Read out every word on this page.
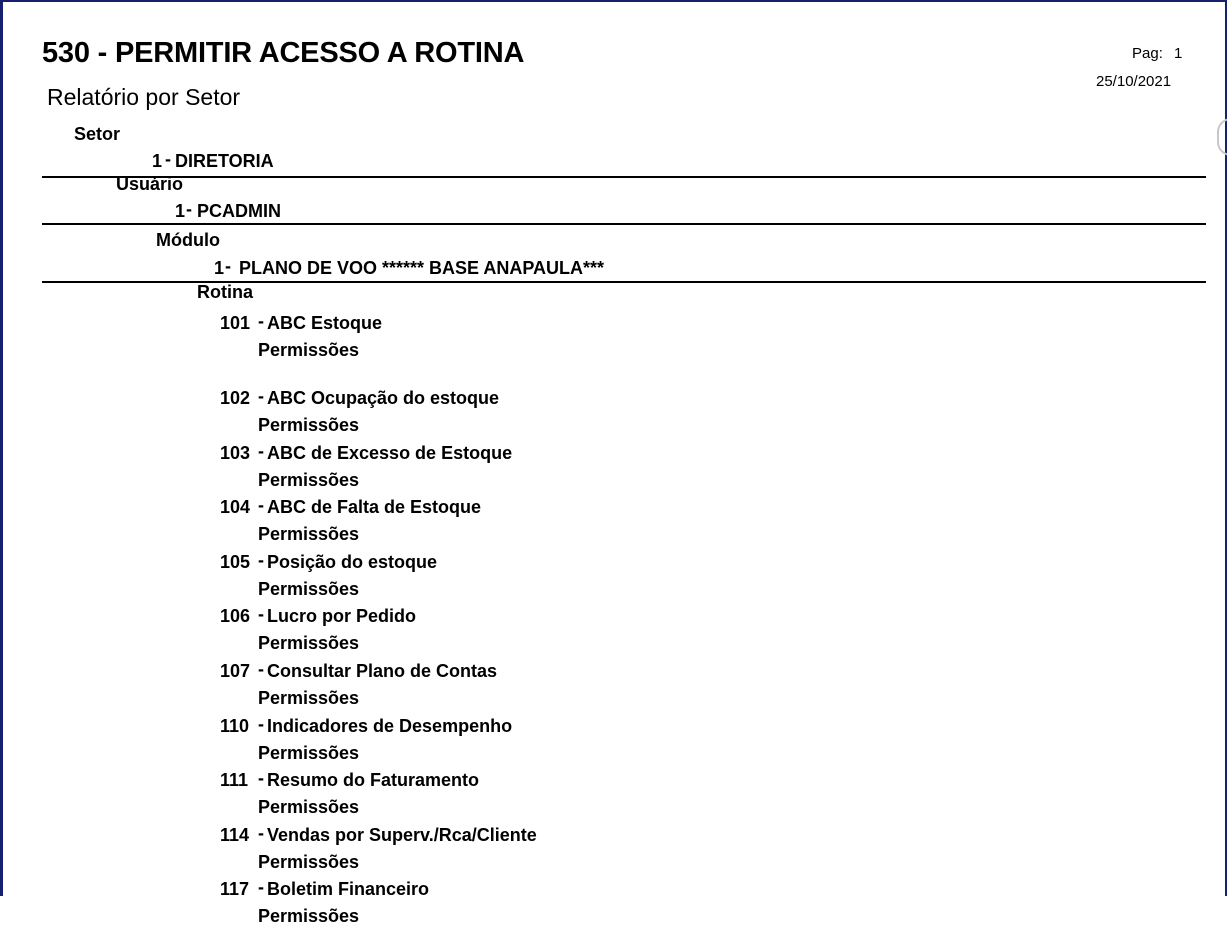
530 - PERMITIR ACESSO A ROTINA
Relatório por Setor
Pag: 1
25/10/2021
Setor
1 - DIRETORIA
Usuário
1 - PCADMIN
Módulo
1 - PLANO DE VOO ****** BASE ANAPAULA***
Rotina
101 - ABC Estoque
Permissões
102 - ABC Ocupação do estoque
Permissões
103 - ABC de Excesso de Estoque
Permissões
104 - ABC de Falta de Estoque
Permissões
105 - Posição do estoque
Permissões
106 - Lucro por Pedido
Permissões
107 - Consultar Plano de Contas
Permissões
110 - Indicadores de Desempenho
Permissões
111 - Resumo do Faturamento
Permissões
114 - Vendas por Superv./Rca/Cliente
Permissões
117 - Boletim Financeiro
Permissões
